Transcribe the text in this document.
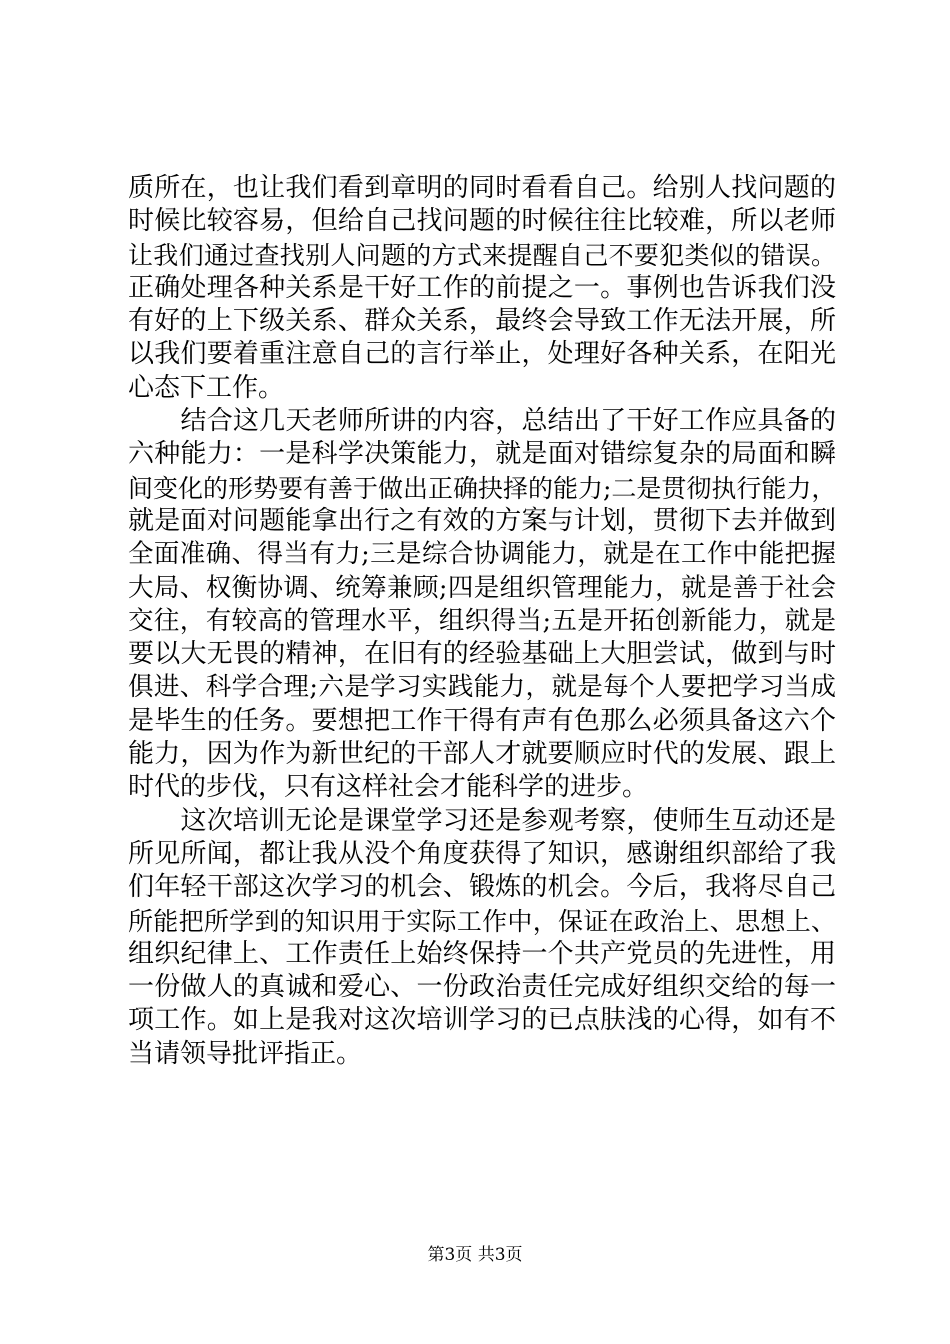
质所在，也让我们看到章明的同时看看自己。给别人找问题的
时候比较容易，但给自己找问题的时候往往比较难，所以老师
让我们通过查找别人问题的方式来提醒自己不要犯类似的错误。
正确处理各种关系是干好工作的前提之一。事例也告诉我们没
有好的上下级关系、群众关系，最终会导致工作无法开展，所
以我们要着重注意自己的言行举止，处理好各种关系，在阳光
心态下工作。
　　结合这几天老师所讲的内容，总结出了干好工作应具备的
六种能力：一是科学决策能力，就是面对错综复杂的局面和瞬
间变化的形势要有善于做出正确抉择的能力;二是贯彻执行能力，
就是面对问题能拿出行之有效的方案与计划，贯彻下去并做到
全面准确、得当有力;三是综合协调能力，就是在工作中能把握
大局、权衡协调、统筹兼顾;四是组织管理能力，就是善于社会
交往，有较高的管理水平，组织得当;五是开拓创新能力，就是
要以大无畏的精神，在旧有的经验基础上大胆尝试，做到与时
俱进、科学合理;六是学习实践能力，就是每个人要把学习当成
是毕生的任务。要想把工作干得有声有色那么必须具备这六个
能力，因为作为新世纪的干部人才就要顺应时代的发展、跟上
时代的步伐，只有这样社会才能科学的进步。
　　这次培训无论是课堂学习还是参观考察，使师生互动还是
所见所闻，都让我从没个角度获得了知识，感谢组织部给了我
们年轻干部这次学习的机会、锻炼的机会。今后，我将尽自己
所能把所学到的知识用于实际工作中，保证在政治上、思想上、
组织纪律上、工作责任上始终保持一个共产党员的先进性，用
一份做人的真诚和爱心、一份政治责任完成好组织交给的每一
项工作。如上是我对这次培训学习的已点肤浅的心得，如有不
当请领导批评指正。
第3页 共3页
